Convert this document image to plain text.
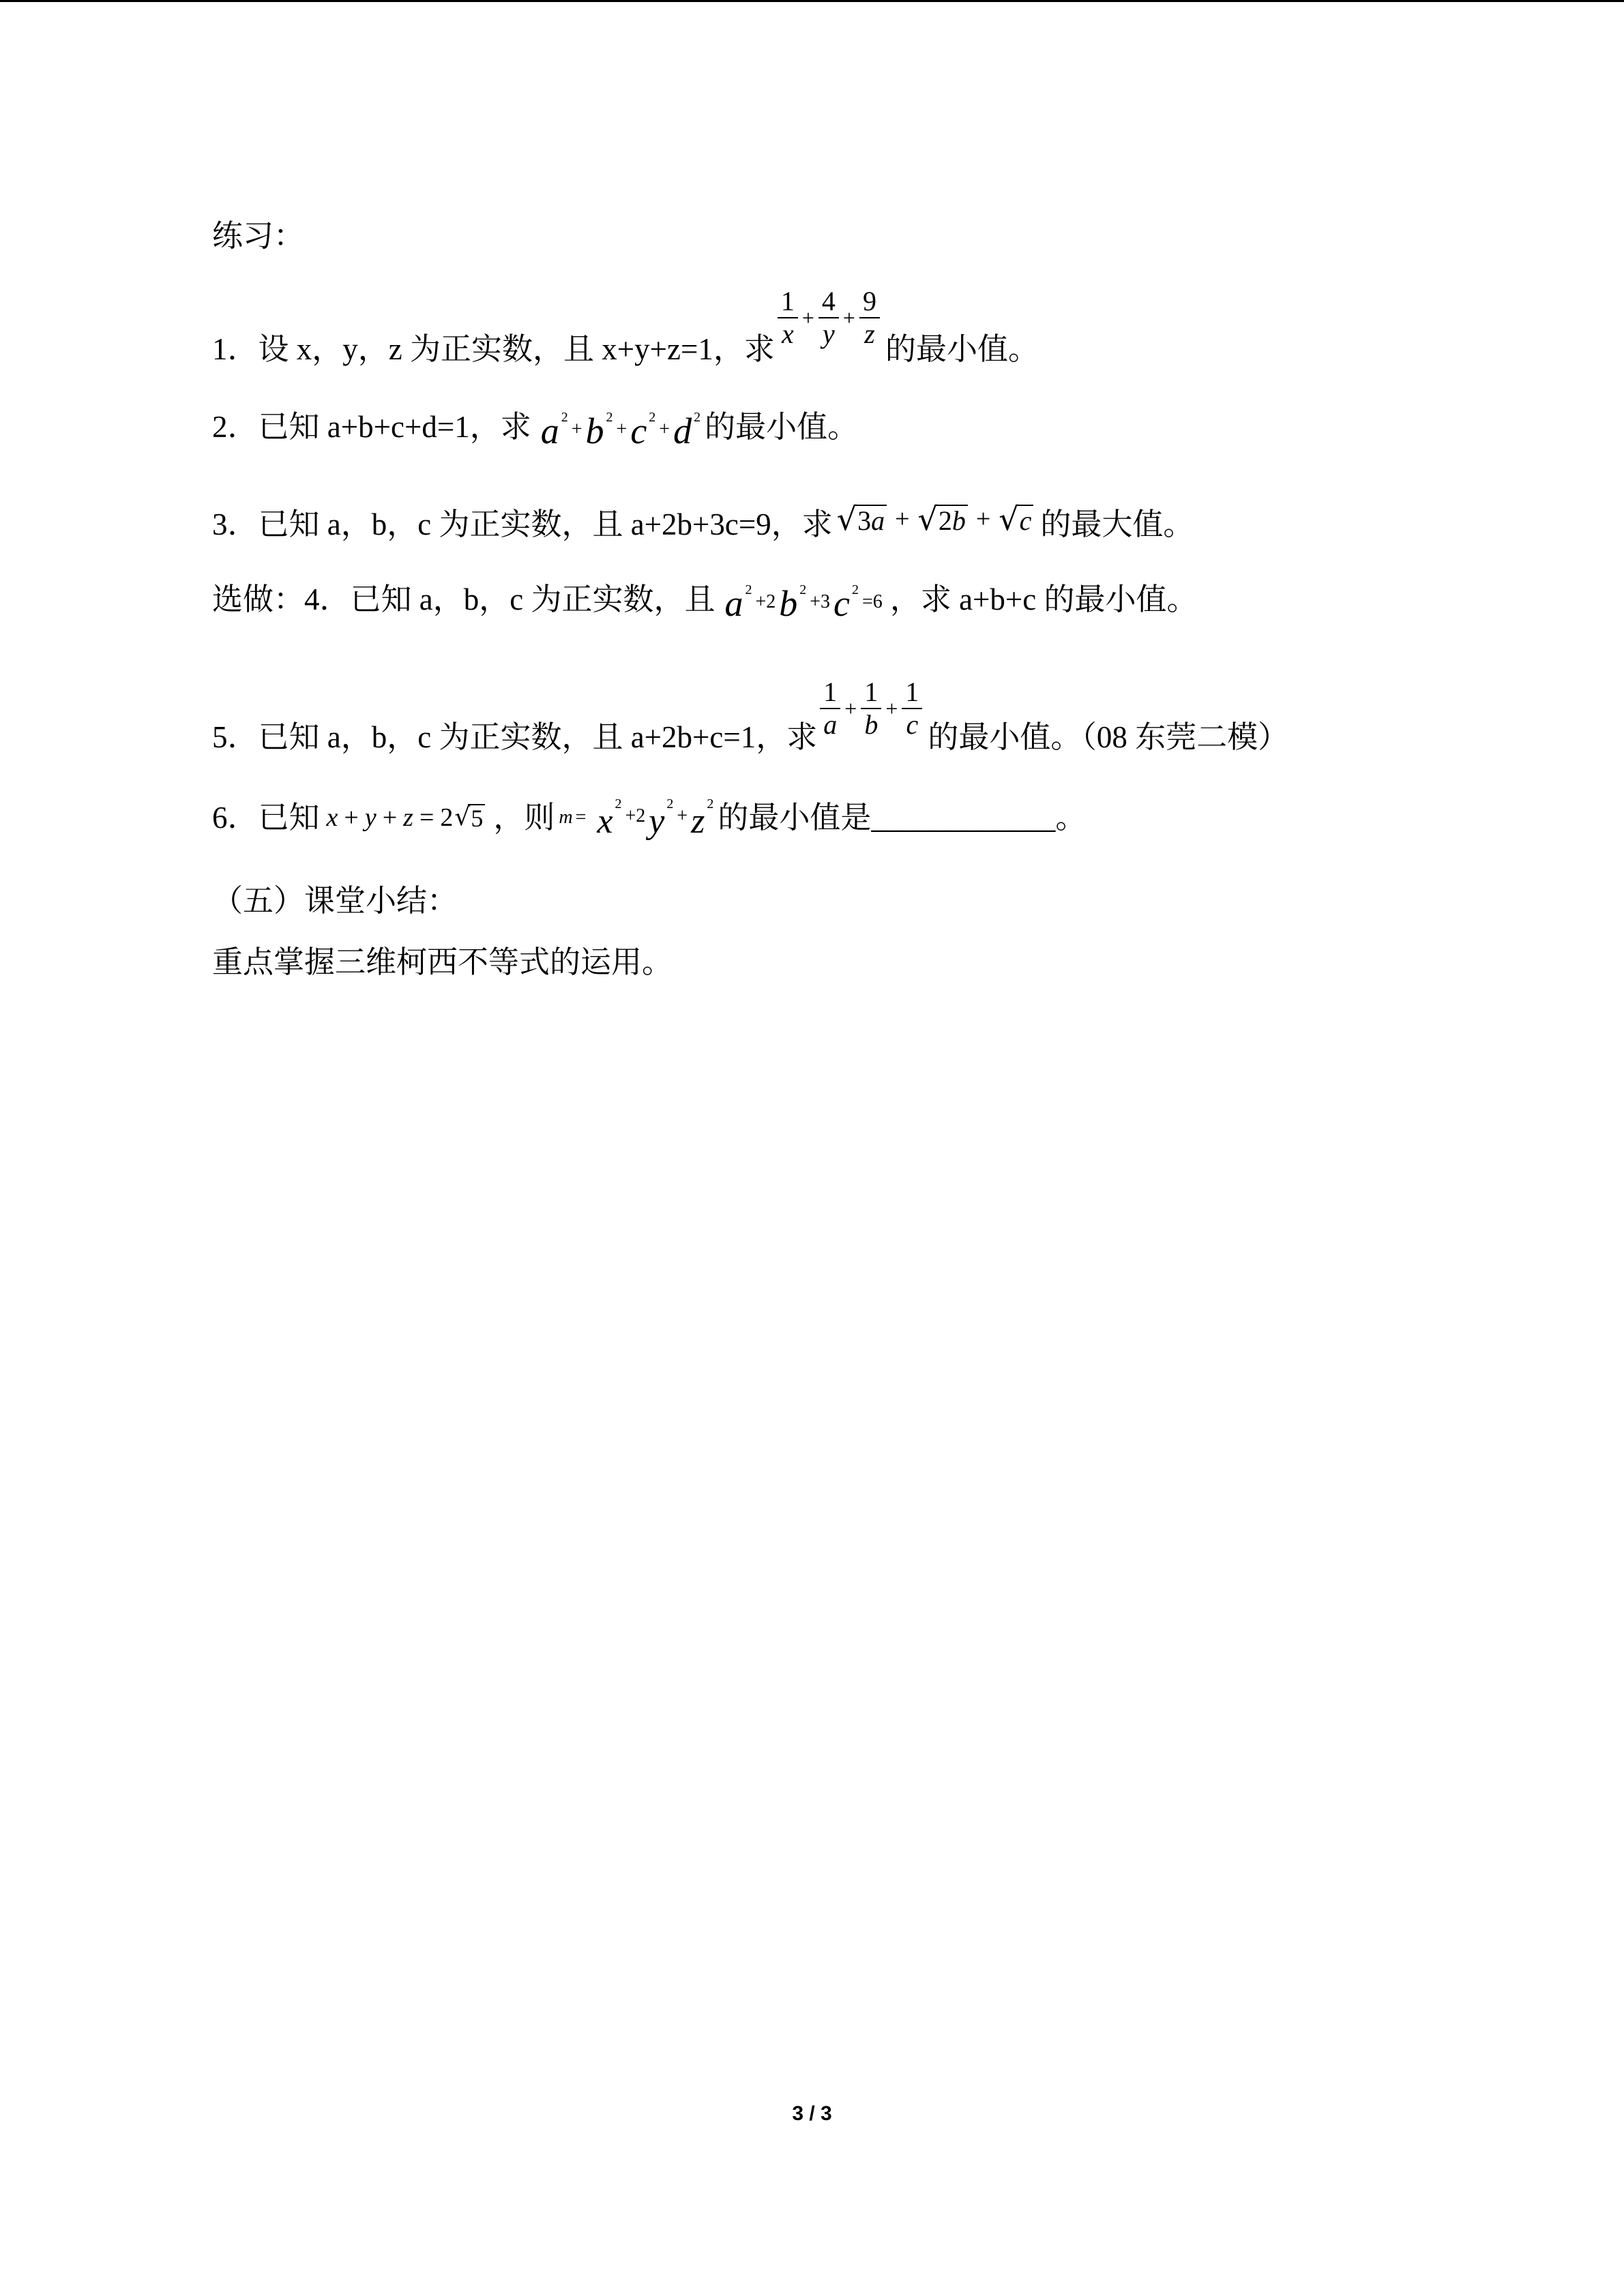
练习：
1．设 x，y，z 为正实数，且 x+y+z=1，求 $\frac{1}{x} + \frac{4}{y} + \frac{9}{z}$ 的最小值。
2．已知 a+b+c+d=1，求 a 2
+ b 2
+ c 2
+ d 2 的最小值。
3．已知 a，b，c 为正实数，且 a+2b+3c=9，求 √ 3a + √ 2b + √ c 的最大值。
选做：4．已知 a，b，c 为正实数，且 a 2
+2 b 2
+3 c 2
=6 ，求 a+b+c 的最小值。
5．已知 a，b，c 为正实数，且 a+2b+c=1，求 $\frac{1}{a} + \frac{1}{b} + \frac{1}{c}$ 的最小值。（08 东莞二模）
6．已知 x + y + z = 2 √ 5 ，则 m = x 2
+2 y 2
+ z 2 的最小值是 ____________ 。
（五）课堂小结：
重点掌握三维柯西不等式的运用。
3 / 3
